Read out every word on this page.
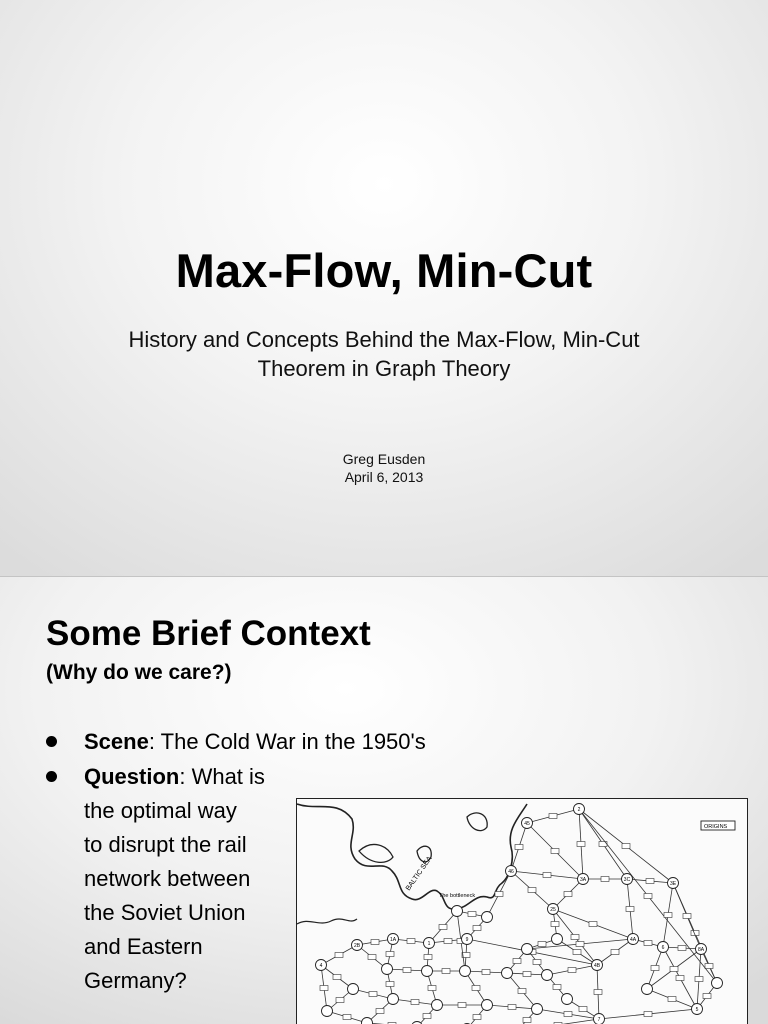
Max-Flow, Min-Cut
History and Concepts Behind the Max-Flow, Min-Cut
Theorem in Graph Theory
Greg Eusden
April 6, 2013
Some Brief Context
(Why do we care?)
Scene: The Cold War in the 1950's
Question: What is
the optimal way
to disrupt the rail
network between
the Soviet Union
and Eastern
Germany?
BALTIC SEA
The bottleneck
ORIGINS
2
45
46
3A	3C
3E
25
4A
4B
6	8A
7
5
9
1
1A
2B
4
